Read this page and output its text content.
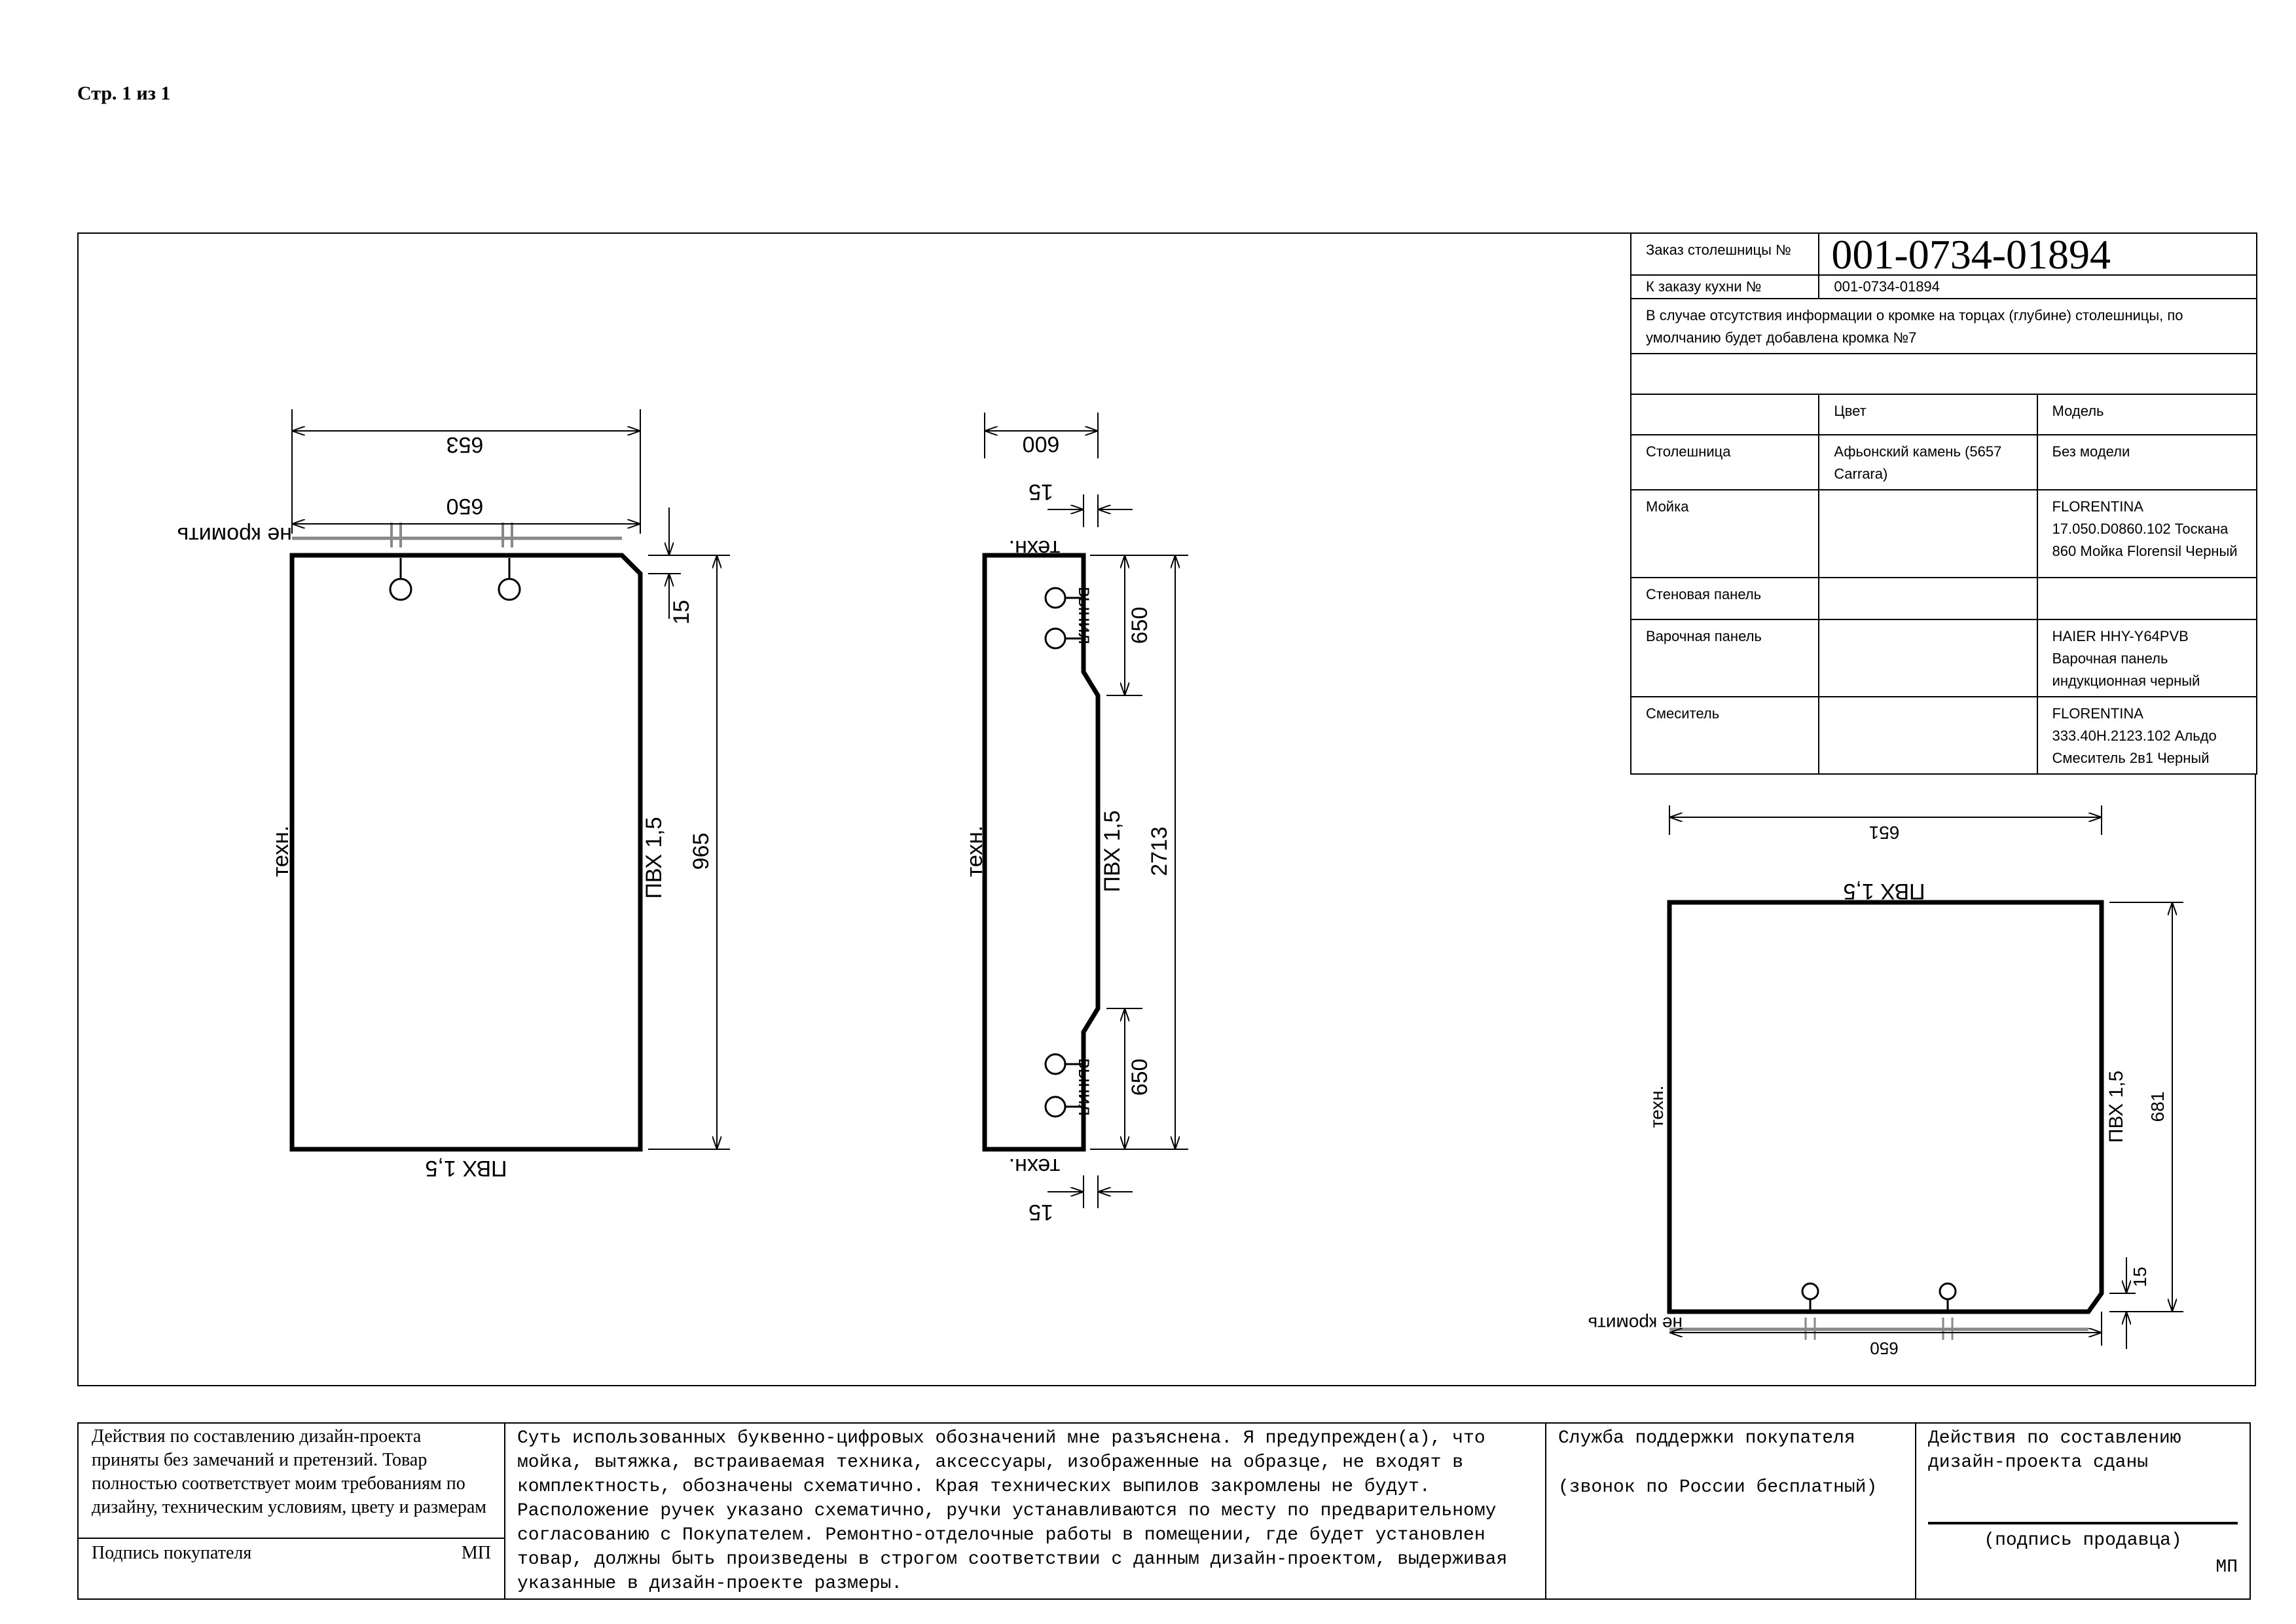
Стр. 1 из 1
653
650
не кромить
техн.	ПВХ 1,5
ПВХ 1,5
965
15
600
15
техн.
вынил
вынил
техн.	ПВХ 1,5
техн.
650
650
2713
15
651
ПВХ 1,5
техн.	ПВХ 1,5
не кромить
650
681
15
Заказ столешницы №	001-0734-01894	
К заказу кухни №	001-0734-01894	
В случае отсутствия информации о кромке на торцах (глубине) столешницы, по умолчанию будет добавлена кромка №7		

	Цвет	Модель
Столешница	Афьонский камень (5657 Carrara)	Без модели
Мойка		FLORENTINA 17.050.D0860.102 Тоскана 860 Мойка Florensil Черный
Стеновая панель		
Варочная панель		HAIER HHY-Y64PVB Варочная панель индукционная черный
Смеситель		FLORENTINA 333.40H.2123.102 Альдо Смеситель 2в1 Черный
Действия по составлению дизайн-проекта приняты без замечаний и претензий. Товар полностью соответствует моим требованиям по дизайну, техническим условиям, цвету и размерам
Подпись покупателя	МП
	Суть использованных буквенно-цифровых обозначений мне разъяснена. Я предупрежден(а), что мойка, вытяжка, встраиваемая техника, аксессуары, изображенные на образце, не входят в комплектность, обозначены схематично. Края технических выпилов закромлены не будут. Расположение ручек указано схематично, ручки устанавливаются по месту по предварительному согласованию с Покупателем. Ремонтно-отделочные работы в помещении, где будет установлен товар, должны быть произведены в строгом соответствии с данным дизайн-проектом, выдерживая указанные в дизайн-проекте размеры.	
Служба поддержки покупателя
(звонок по России бесплатный)

Действия по составлению дизайн-проекта сданы
(подпись продавца)
МП
